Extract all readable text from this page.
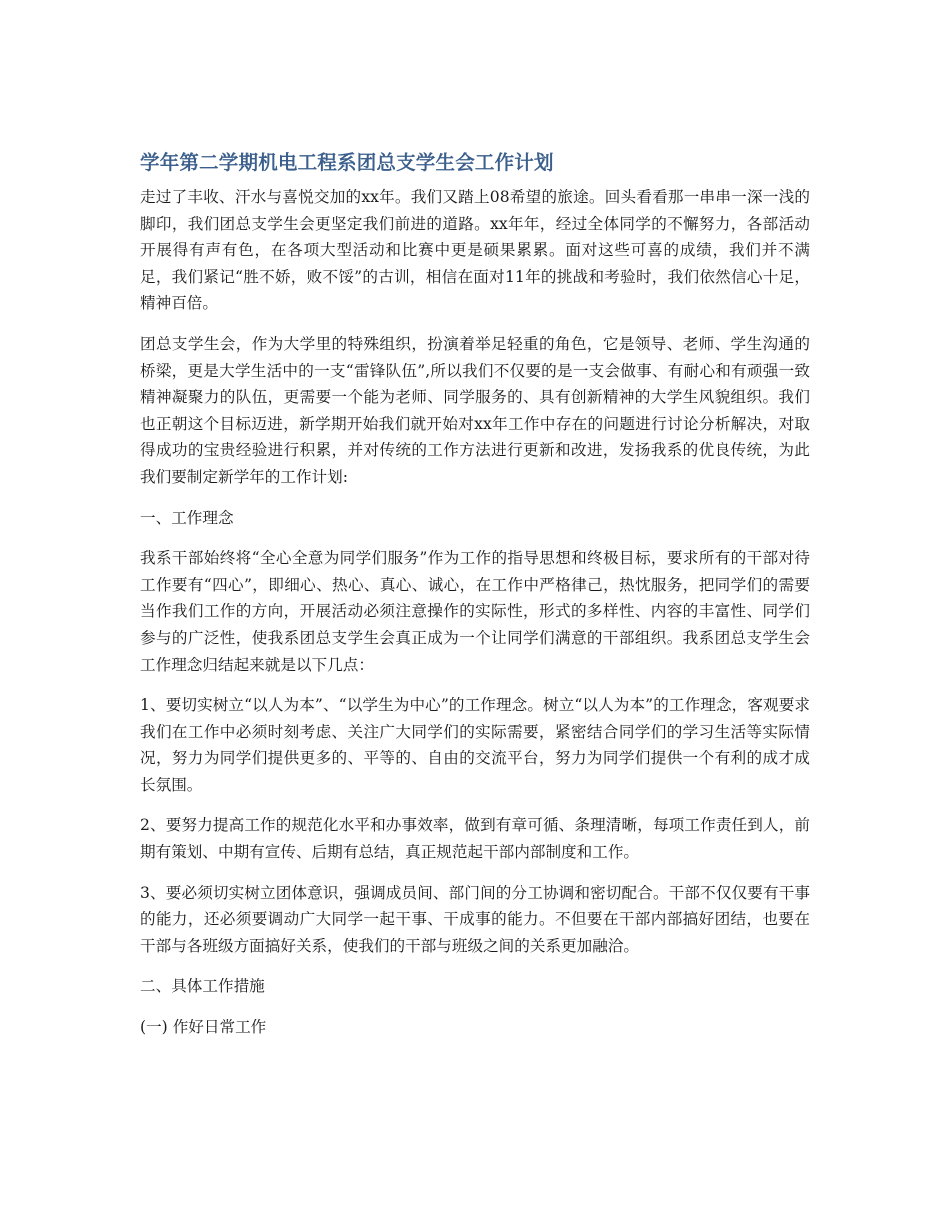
学年第二学期机电工程系团总支学生会工作计划

走过了丰收、汗水与喜悦交加的xx年。我们又踏上08希望的旅途。回头看看那一串串一深一浅的脚印，我们团总支学生会更坚定我们前进的道路。xx年年，经过全体同学的不懈努力，各部活动开展得有声有色，在各项大型活动和比赛中更是硕果累累。面对这些可喜的成绩，我们并不满足，我们紧记“胜不娇，败不馁”的古训，相信在面对11年的挑战和考验时，我们依然信心十足，精神百倍。

团总支学生会，作为大学里的特殊组织，扮演着举足轻重的角色，它是领导、老师、学生沟通的桥梁，更是大学生活中的一支“雷锋队伍”,所以我们不仅要的是一支会做事、有耐心和有顽强一致精神凝聚力的队伍，更需要一个能为老师、同学服务的、具有创新精神的大学生风貌组织。我们也正朝这个目标迈进，新学期开始我们就开始对xx年工作中存在的问题进行讨论分析解决，对取得成功的宝贵经验进行积累，并对传统的工作方法进行更新和改进，发扬我系的优良传统，为此我们要制定新学年的工作计划:

一、工作理念

我系干部始终将“全心全意为同学们服务”作为工作的指导思想和终极目标，要求所有的干部对待工作要有“四心”，即细心、热心、真心、诚心，在工作中严格律己，热忱服务，把同学们的需要当作我们工作的方向，开展活动必须注意操作的实际性，形式的多样性、内容的丰富性、同学们参与的广泛性，使我系团总支学生会真正成为一个让同学们满意的干部组织。我系团总支学生会工作理念归结起来就是以下几点：

1、要切实树立“以人为本”、“以学生为中心”的工作理念。树立“以人为本”的工作理念，客观要求我们在工作中必须时刻考虑、关注广大同学们的实际需要，紧密结合同学们的学习生活等实际情况，努力为同学们提供更多的、平等的、自由的交流平台，努力为同学们提供一个有利的成才成长氛围。

2、要努力提高工作的规范化水平和办事效率，做到有章可循、条理清晰，每项工作责任到人，前期有策划、中期有宣传、后期有总结，真正规范起干部内部制度和工作。

3、要必须切实树立团体意识，强调成员间、部门间的分工协调和密切配合。干部不仅仅要有干事的能力，还必须要调动广大同学一起干事、干成事的能力。不但要在干部内部搞好团结，也要在干部与各班级方面搞好关系，使我们的干部与班级之间的关系更加融洽。

二、具体工作措施

(一) 作好日常工作
